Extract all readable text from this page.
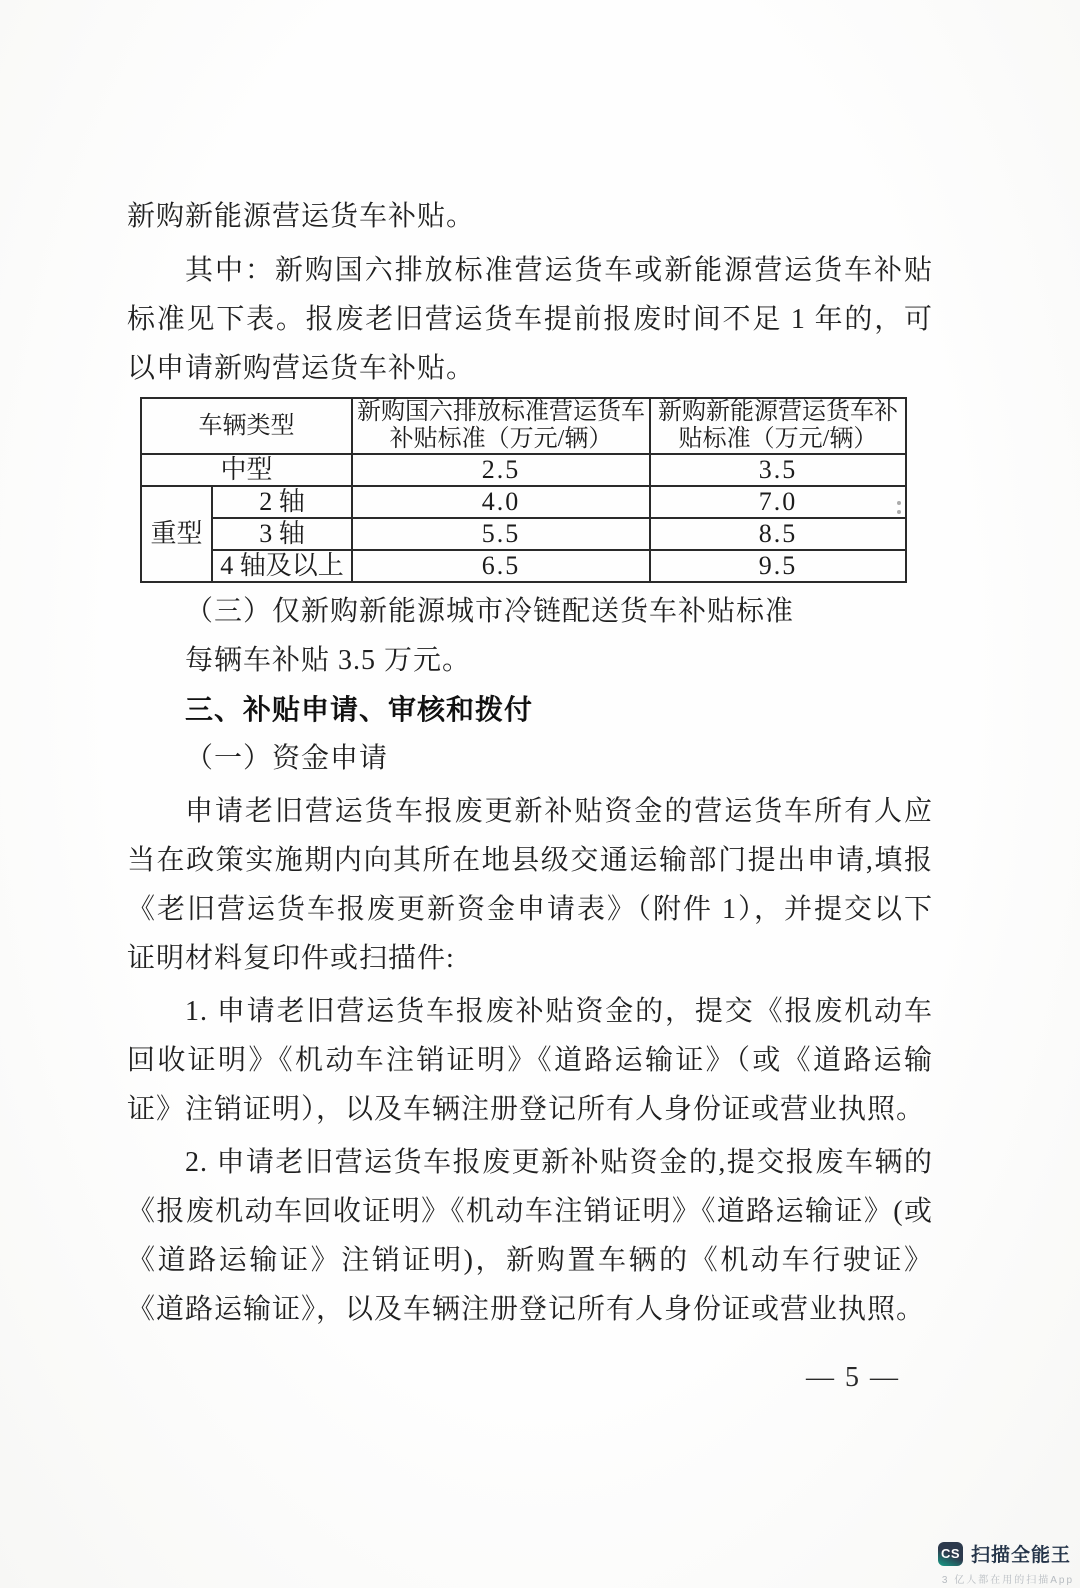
新购新能源营运货车补贴。

其中：新购国六排放标准营运货车或新能源营运货车补贴标准见下表。报废老旧营运货车提前报废时间不足 1 年的，可以申请新购营运货车补贴。

车辆类型		新购国六排放标准营运货车补贴标准（万元/辆）	新购新能源营运货车补贴标准（万元/辆）
中型		2.5	3.5
重型	2 轴	4.0	7.0
	3 轴	5.5	8.5
	4 轴及以上	6.5	9.5

（三）仅新购新能源城市冷链配送货车补贴标准

每辆车补贴 3.5 万元。

三、补贴申请、审核和拨付

（一）资金申请

申请老旧营运货车报废更新补贴资金的营运货车所有人应当在政策实施期内向其所在地县级交通运输部门提出申请,填报《老旧营运货车报废更新资金申请表》（附件 1），并提交以下证明材料复印件或扫描件:

1. 申请老旧营运货车报废补贴资金的，提交《报废机动车回收证明》《机动车注销证明》《道路运输证》（或《道路运输证》注销证明），以及车辆注册登记所有人身份证或营业执照。

2. 申请老旧营运货车报废更新补贴资金的,提交报废车辆的《报废机动车回收证明》《机动车注销证明》《道路运输证》(或《道路运输证》注销证明)，新购置车辆的《机动车行驶证》《道路运输证》，以及车辆注册登记所有人身份证或营业执照。

— 5 —
CS 扫描全能王
3 亿人都在用的扫描App
